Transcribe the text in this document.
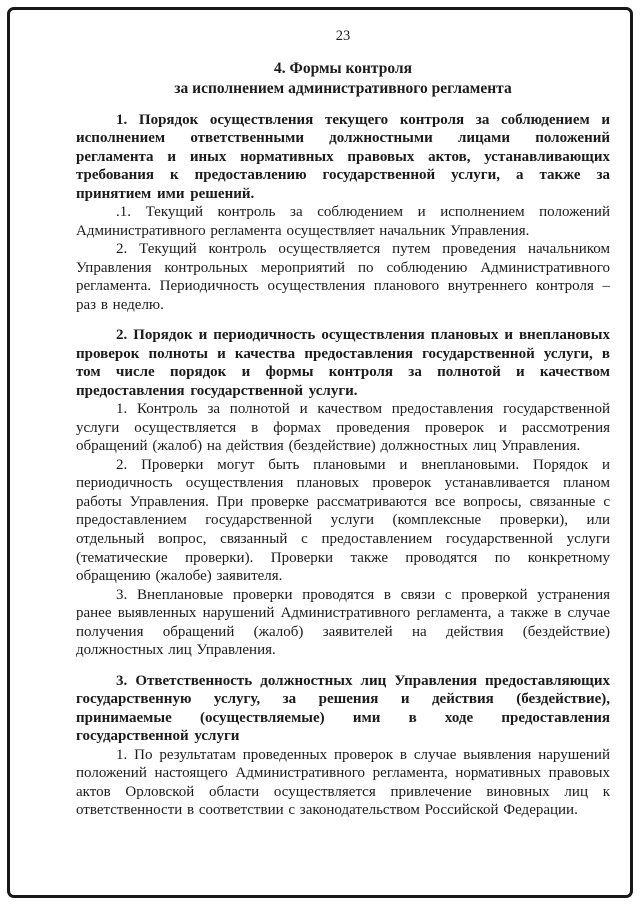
23
4. Формы контроля
за исполнением административного регламента

1. Порядок осуществления текущего контроля за соблюдением и исполнением ответственными должностными лицами положений регламента и иных нормативных правовых актов, устанавливающих требования к предоставлению государственной услуги, а также за принятием ими решений.

.1. Текущий контроль за соблюдением и исполнением положений Административного регламента осуществляет начальник Управления.

2. Текущий контроль осуществляется путем проведения начальником Управления контрольных мероприятий по соблюдению Административного регламента. Периодичность осуществления планового внутреннего контроля – раз в неделю.

2. Порядок и периодичность осуществления плановых и внеплановых проверок полноты и качества предоставления государственной услуги, в том числе порядок и формы контроля за полнотой и качеством предоставления государственной услуги.

1. Контроль за полнотой и качеством предоставления государственной услуги осуществляется в формах проведения проверок и рассмотрения обращений (жалоб) на действия (бездействие) должностных лиц Управления.

2. Проверки могут быть плановыми и внеплановыми. Порядок и периодичность осуществления плановых проверок устанавливается планом работы Управления. При проверке рассматриваются все вопросы, связанные с предоставлением государственной услуги (комплексные проверки), или отдельный вопрос, связанный с предоставлением государственной услуги (тематические проверки). Проверки также проводятся по конкретному обращению (жалобе) заявителя.

3. Внеплановые проверки проводятся в связи с проверкой устранения ранее выявленных нарушений Административного регламента, а также в случае получения обращений (жалоб) заявителей на действия (бездействие) должностных лиц Управления.

3. Ответственность должностных лиц Управления предоставляющих государственную услугу, за решения и действия (бездействие), принимаемые (осуществляемые) ими в ходе предоставления государственной услуги

1. По результатам проведенных проверок в случае выявления нарушений положений настоящего Административного регламента, нормативных правовых актов Орловской области осуществляется привлечение виновных лиц к ответственности в соответствии с законодательством Российской Федерации.
